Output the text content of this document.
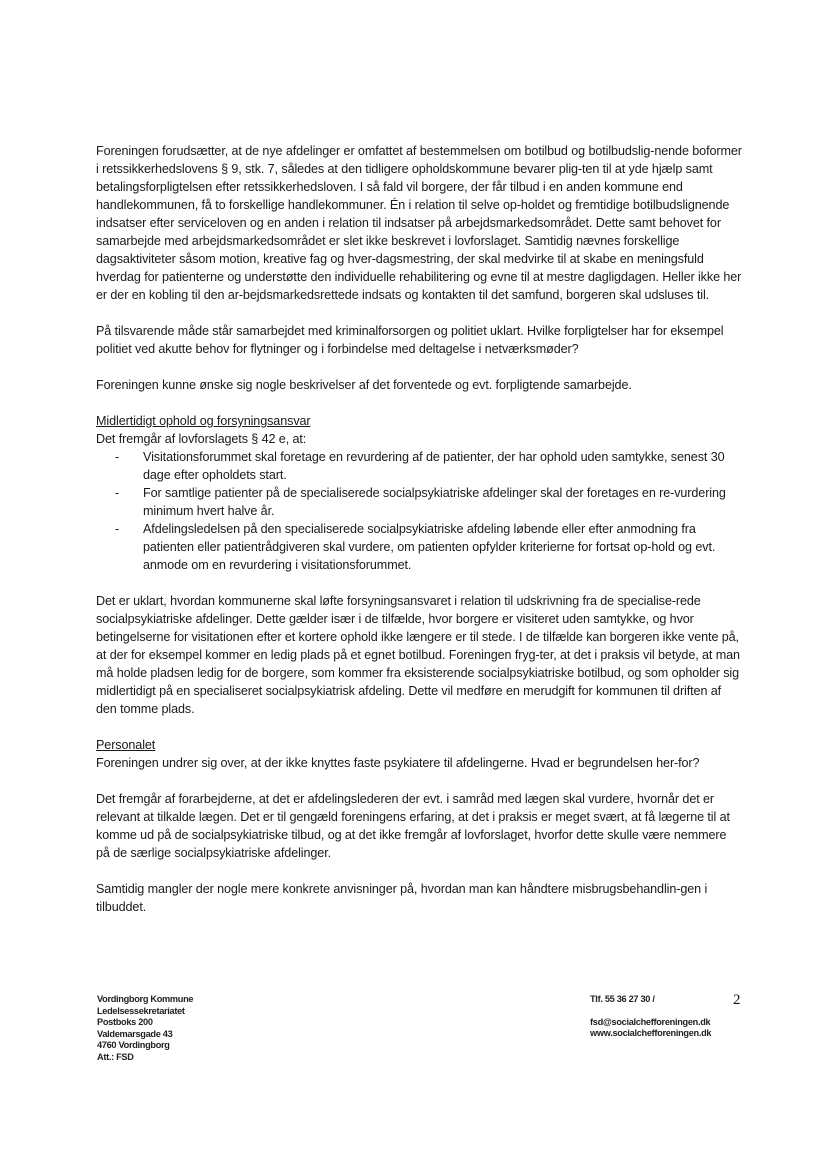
Foreningen forudsætter, at de nye afdelinger er omfattet af bestemmelsen om botilbud og botilbudslig-nende boformer i retssikkerhedslovens § 9, stk. 7, således at den tidligere opholdskommune bevarer plig-ten til at yde hjælp samt betalingsforpligtelsen efter retssikkerhedsloven. I så fald vil borgere, der får tilbud i en anden kommune end handlekommunen, få to forskellige handlekommuner. Én i relation til selve op-holdet og fremtidige botilbudslignende indsatser efter serviceloven og en anden i relation til indsatser på arbejdsmarkedsområdet. Dette samt behovet for samarbejde med arbejdsmarkedsområdet er slet ikke beskrevet i lovforslaget. Samtidig nævnes forskellige dagsaktiviteter såsom motion, kreative fag og hver-dagsmestring, der skal medvirke til at skabe en meningsfuld hverdag for patienterne og understøtte den individuelle rehabilitering og evne til at mestre dagligdagen. Heller ikke her er der en kobling til den ar-bejdsmarkedsrettede indsats og kontakten til det samfund, borgeren skal udsluses til.

På tilsvarende måde står samarbejdet med kriminalforsorgen og politiet uklart. Hvilke forpligtelser har for eksempel politiet ved akutte behov for flytninger og i forbindelse med deltagelse i netværksmøder?

Foreningen kunne ønske sig nogle beskrivelser af det forventede og evt. forpligtende samarbejde.

Midlertidigt ophold og forsyningsansvar

Det fremgår af lovforslagets § 42 e, at:

- Visitationsforummet skal foretage en revurdering af de patienter, der har ophold uden samtykke, senest 30 dage efter opholdets start.
- For samtlige patienter på de specialiserede socialpsykiatriske afdelinger skal der foretages en re-vurdering minimum hvert halve år.
- Afdelingsledelsen på den specialiserede socialpsykiatriske afdeling løbende eller efter anmodning fra patienten eller patientrådgiveren skal vurdere, om patienten opfylder kriterierne for fortsat op-hold og evt. anmode om en revurdering i visitationsforummet.

Det er uklart, hvordan kommunerne skal løfte forsyningsansvaret i relation til udskrivning fra de specialise-rede socialpsykiatriske afdelinger. Dette gælder især i de tilfælde, hvor borgere er visiteret uden samtykke, og hvor betingelserne for visitationen efter et kortere ophold ikke længere er til stede. I de tilfælde kan borgeren ikke vente på, at der for eksempel kommer en ledig plads på et egnet botilbud. Foreningen fryg-ter, at det i praksis vil betyde, at man må holde pladsen ledig for de borgere, som kommer fra eksisterende socialpsykiatriske botilbud, og som opholder sig midlertidigt på en specialiseret socialpsykiatrisk afdeling. Dette vil medføre en merudgift for kommunen til driften af den tomme plads.

Personalet

Foreningen undrer sig over, at der ikke knyttes faste psykiatere til afdelingerne. Hvad er begrundelsen her-for?

Det fremgår af forarbejderne, at det er afdelingslederen der evt. i samråd med lægen skal vurdere, hvornår det er relevant at tilkalde lægen. Det er til gengæld foreningens erfaring, at det i praksis er meget svært, at få lægerne til at komme ud på de socialpsykiatriske tilbud, og at det ikke fremgår af lovforslaget, hvorfor dette skulle være nemmere på de særlige socialpsykiatriske afdelinger.

Samtidig mangler der nogle mere konkrete anvisninger på, hvordan man kan håndtere misbrugsbehandlin-gen i tilbuddet.

Vordingborg Kommune
Ledelsessekretariatet
Postboks 200
Valdemarsgade 43
4760 Vordingborg
Att.: FSD
Tlf. 55 36 27 30 /
fsd@socialchefforeningen.dk
www.socialchefforeningen.dk
2
